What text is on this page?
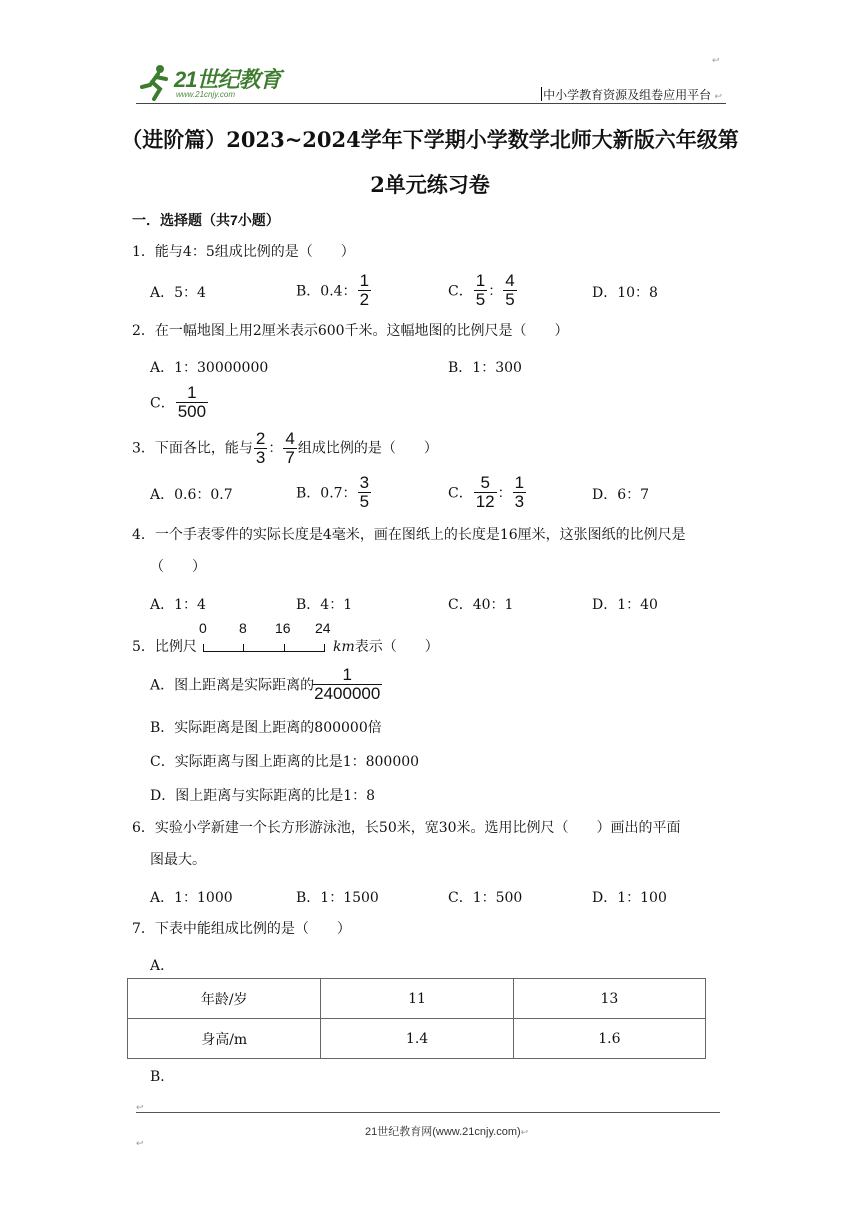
21世纪教育
www.21cnjy.com
↩
中小学教育资源及组卷应用平台 ↩
（进阶篇）2023~2024学年下学期小学数学北师大新版六年级第
2单元练习卷
一．选择题（共7小题）
1．能与4：5组成比例的是（　　）
A．5：4	B．0.4： $\frac{1}{2}$	C． $\frac{1}{5}$ ： $\frac{4}{5}$	D．10：8
2．在一幅地图上用2厘米表示600千米。这幅地图的比例尺是（　　）
A．1：30000000	B．1：300
C． $\frac{1}{500}$
3．下面各比，能与 $\frac{2}{3}$ ： $\frac{4}{7}$ 组成比例的是（　　）
A．0.6：0.7	B．0.7： $\frac{3}{5}$	C． $\frac{5}{12}$ ： $\frac{1}{3}$	D．6：7
4．一个手表零件的实际长度是4毫米，画在图纸上的长度是16厘米，这张图纸的比例尺是
（　　）
A．1：4	B．4：1	C．40：1	D．1：40
5．比例尺
0 8 16 24
km表示（　　）
A．图上距离是实际距离的
$\frac{1}{2400000}$
B．实际距离是图上距离的800000倍
C．实际距离与图上距离的比是1：800000
D．图上距离与实际距离的比是1：8
6．实验小学新建一个长方形游泳池，长50米，宽30米。选用比例尺（　　）画出的平面
图最大。
A．1：1000	B．1：1500	C．1：500	D．1：100
7．下表中能组成比例的是（　　）
A．
年龄/岁	11	13
身高/m	1.4	1.6
B．
↩
21世纪教育网(www.21cnjy.com)↩
↩
